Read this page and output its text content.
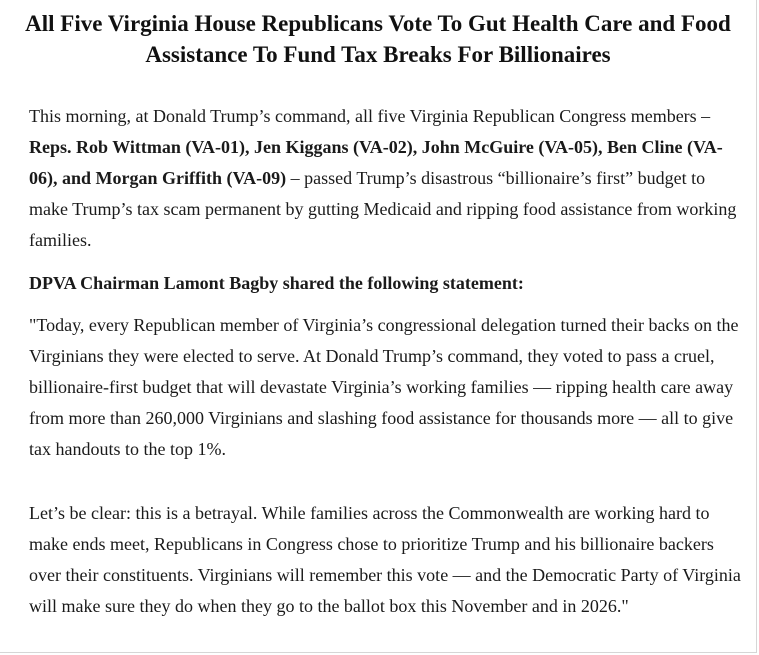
All Five Virginia House Republicans Vote To Gut Health Care and Food Assistance To Fund Tax Breaks For Billionaires

This morning, at Donald Trump’s command, all five Virginia Republican Congress members – Reps. Rob Wittman (VA-01), Jen Kiggans (VA-02), John McGuire (VA-05), Ben Cline (VA-06), and Morgan Griffith (VA-09) – passed Trump’s disastrous “billionaire’s first” budget to make Trump’s tax scam permanent by gutting Medicaid and ripping food assistance from working families.

DPVA Chairman Lamont Bagby shared the following statement:

"Today, every Republican member of Virginia’s congressional delegation turned their backs on the Virginians they were elected to serve. At Donald Trump’s command, they voted to pass a cruel, billionaire-first budget that will devastate Virginia’s working families — ripping health care away from more than 260,000 Virginians and slashing food assistance for thousands more — all to give tax handouts to the top 1%.

Let’s be clear: this is a betrayal. While families across the Commonwealth are working hard to make ends meet, Republicans in Congress chose to prioritize Trump and his billionaire backers over their constituents. Virginians will remember this vote — and the Democratic Party of Virginia will make sure they do when they go to the ballot box this November and in 2026."
